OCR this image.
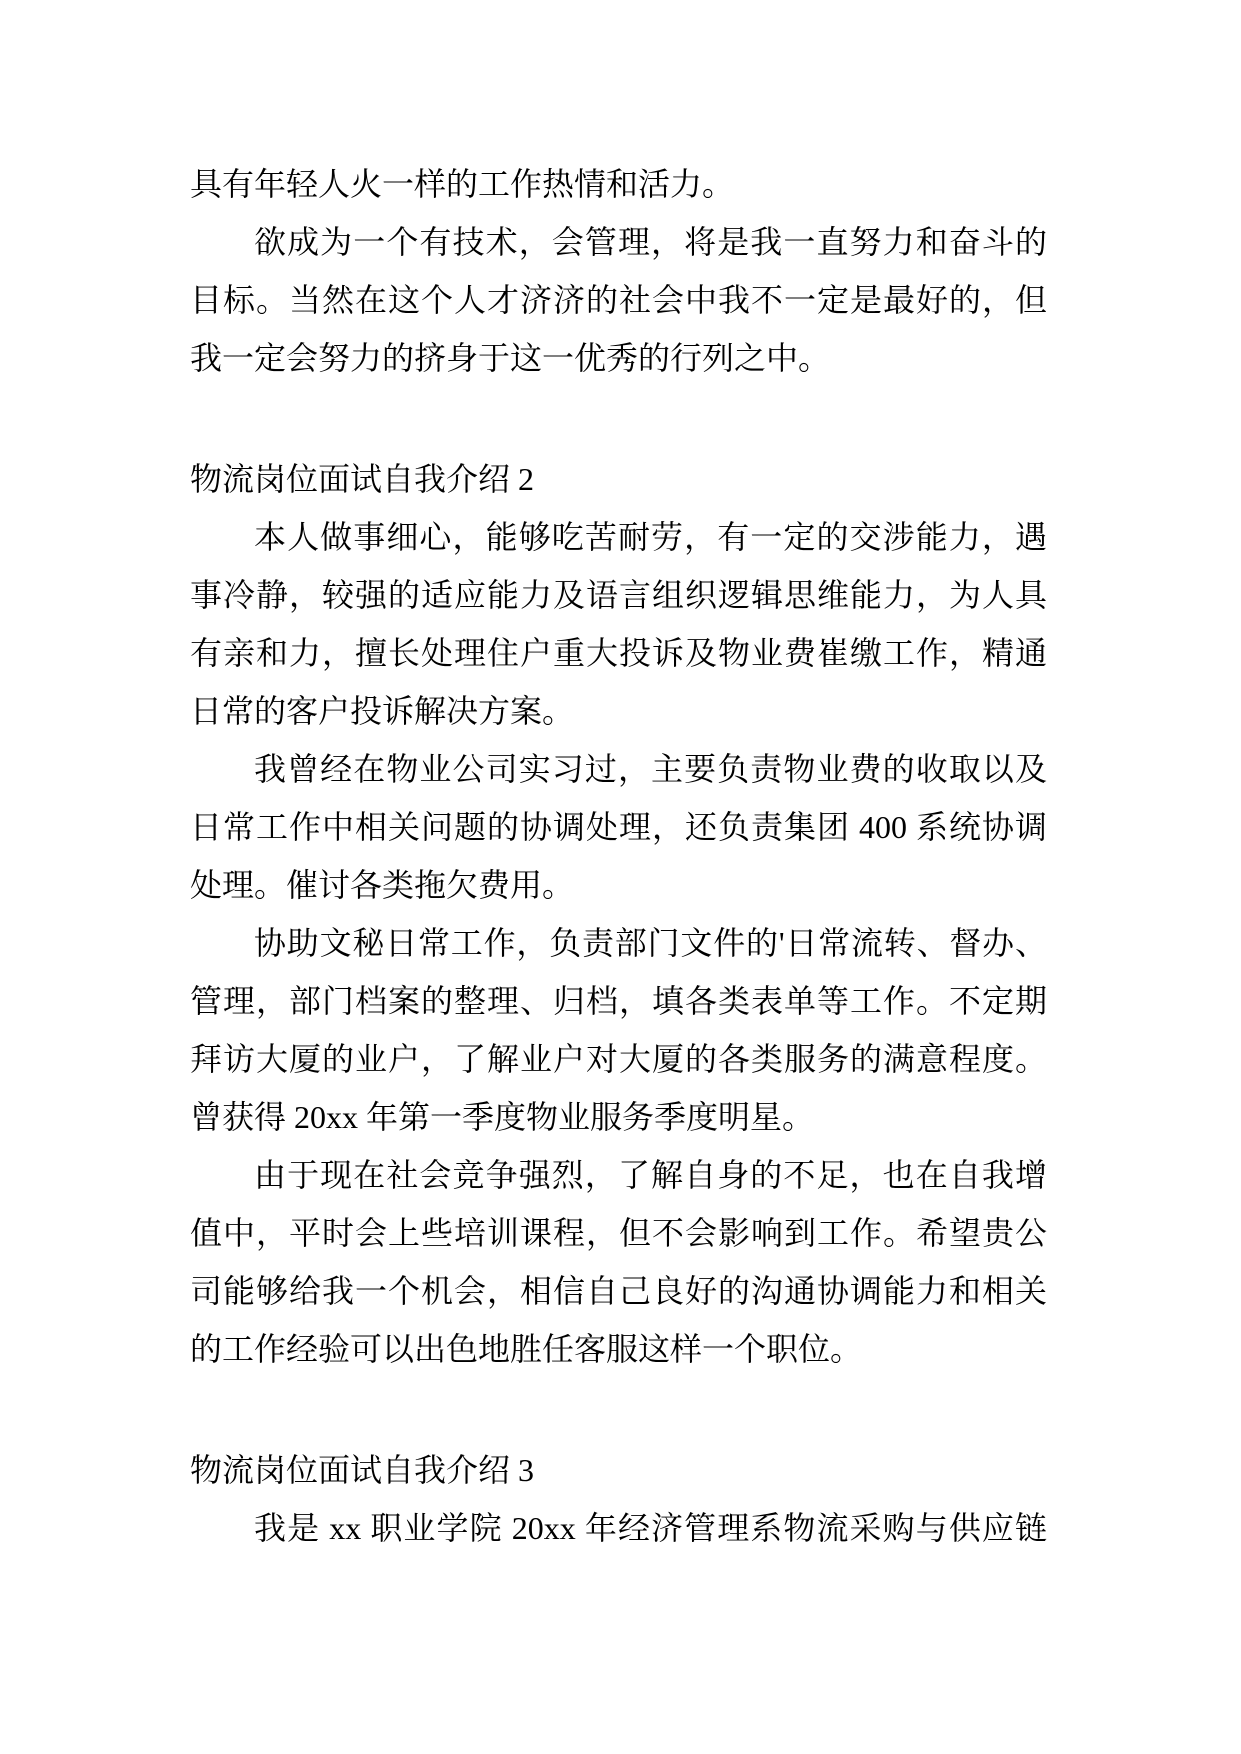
具有年轻人火一样的工作热情和活力。

欲成为一个有技术，会管理，将是我一直努力和奋斗的

目标。当然在这个人才济济的社会中我不一定是最好的，但

我一定会努力的挤身于这一优秀的行列之中。

物流岗位面试自我介绍 2

本人做事细心，能够吃苦耐劳，有一定的交涉能力，遇

事冷静，较强的适应能力及语言组织逻辑思维能力，为人具

有亲和力，擅长处理住户重大投诉及物业费崔缴工作，精通

日常的客户投诉解决方案。

我曾经在物业公司实习过，主要负责物业费的收取以及

日常工作中相关问题的协调处理，还负责集团 400 系统协调

处理。催讨各类拖欠费用。

协助文秘日常工作，负责部门文件的'日常流转、督办、

管理，部门档案的整理、归档，填各类表单等工作。不定期

拜访大厦的业户，了解业户对大厦的各类服务的满意程度。

曾获得 20xx 年第一季度物业服务季度明星。

由于现在社会竞争强烈，了解自身的不足，也在自我增

值中，平时会上些培训课程，但不会影响到工作。希望贵公

司能够给我一个机会，相信自己良好的沟通协调能力和相关

的工作经验可以出色地胜任客服这样一个职位。

物流岗位面试自我介绍 3

我是 xx 职业学院 20xx 年经济管理系物流采购与供应链
